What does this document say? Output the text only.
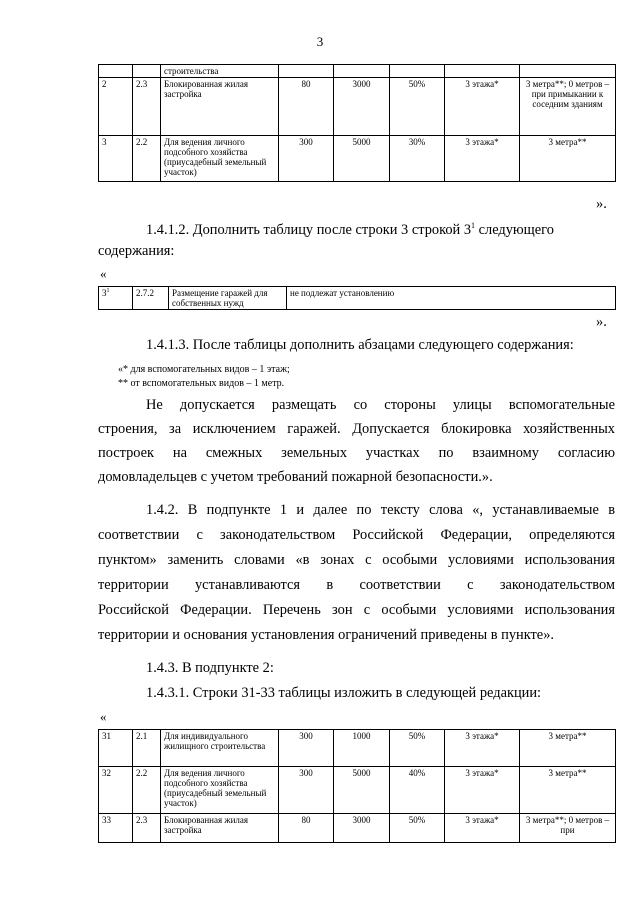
3
		строительства					
2	2.3	Блокированная жилая застройка	80	3000	50%	3 этажа*	3 метра**; 0 метров – при примыкании к соседним зданиям
3	2.2	Для ведения личного подсобного хозяйства (приусадебный земельный участок)	300	5000	30%	3 этажа*	3 метра**
».
1.4.1.2. Дополнить таблицу после строки 3 строкой $3^1$ следующего
содержания:
«
$3^1$	2.7.2	Размещение гаражей для собственных нужд	не подлежат установлению
».
1.4.1.3. После таблицы дополнить абзацами следующего содержания:
«* для вспомогательных видов – 1 этаж;
** от вспомогательных видов – 1 метр.
Не допускается размещать со стороны улицы вспомогательные
строения, за исключением гаражей. Допускается блокировка хозяйственных
построек на смежных земельных участках по взаимному согласию
домовладельцев с учетом требований пожарной безопасности.».
1.4.2. В подпункте 1 и далее по тексту слова «, устанавливаемые в
соответствии с законодательством Российской Федерации, определяются
пунктом» заменить словами «в зонах с особыми условиями использования
территории устанавливаются в соответствии с законодательством
Российской Федерации. Перечень зон с особыми условиями использования
территории и основания установления ограничений приведены в пункте».
1.4.3. В подпункте 2:
1.4.3.1. Строки 31-33 таблицы изложить в следующей редакции:
«
31	2.1	Для индивидуального жилищного строительства	300	1000	50%	3 этажа*	3 метра**
32	2.2	Для ведения личного подсобного хозяйства (приусадебный земельный участок)	300	5000	40%	3 этажа*	3 метра**
33	2.3	Блокированная жилая застройка	80	3000	50%	3 этажа*	3 метра**; 0 метров – при
